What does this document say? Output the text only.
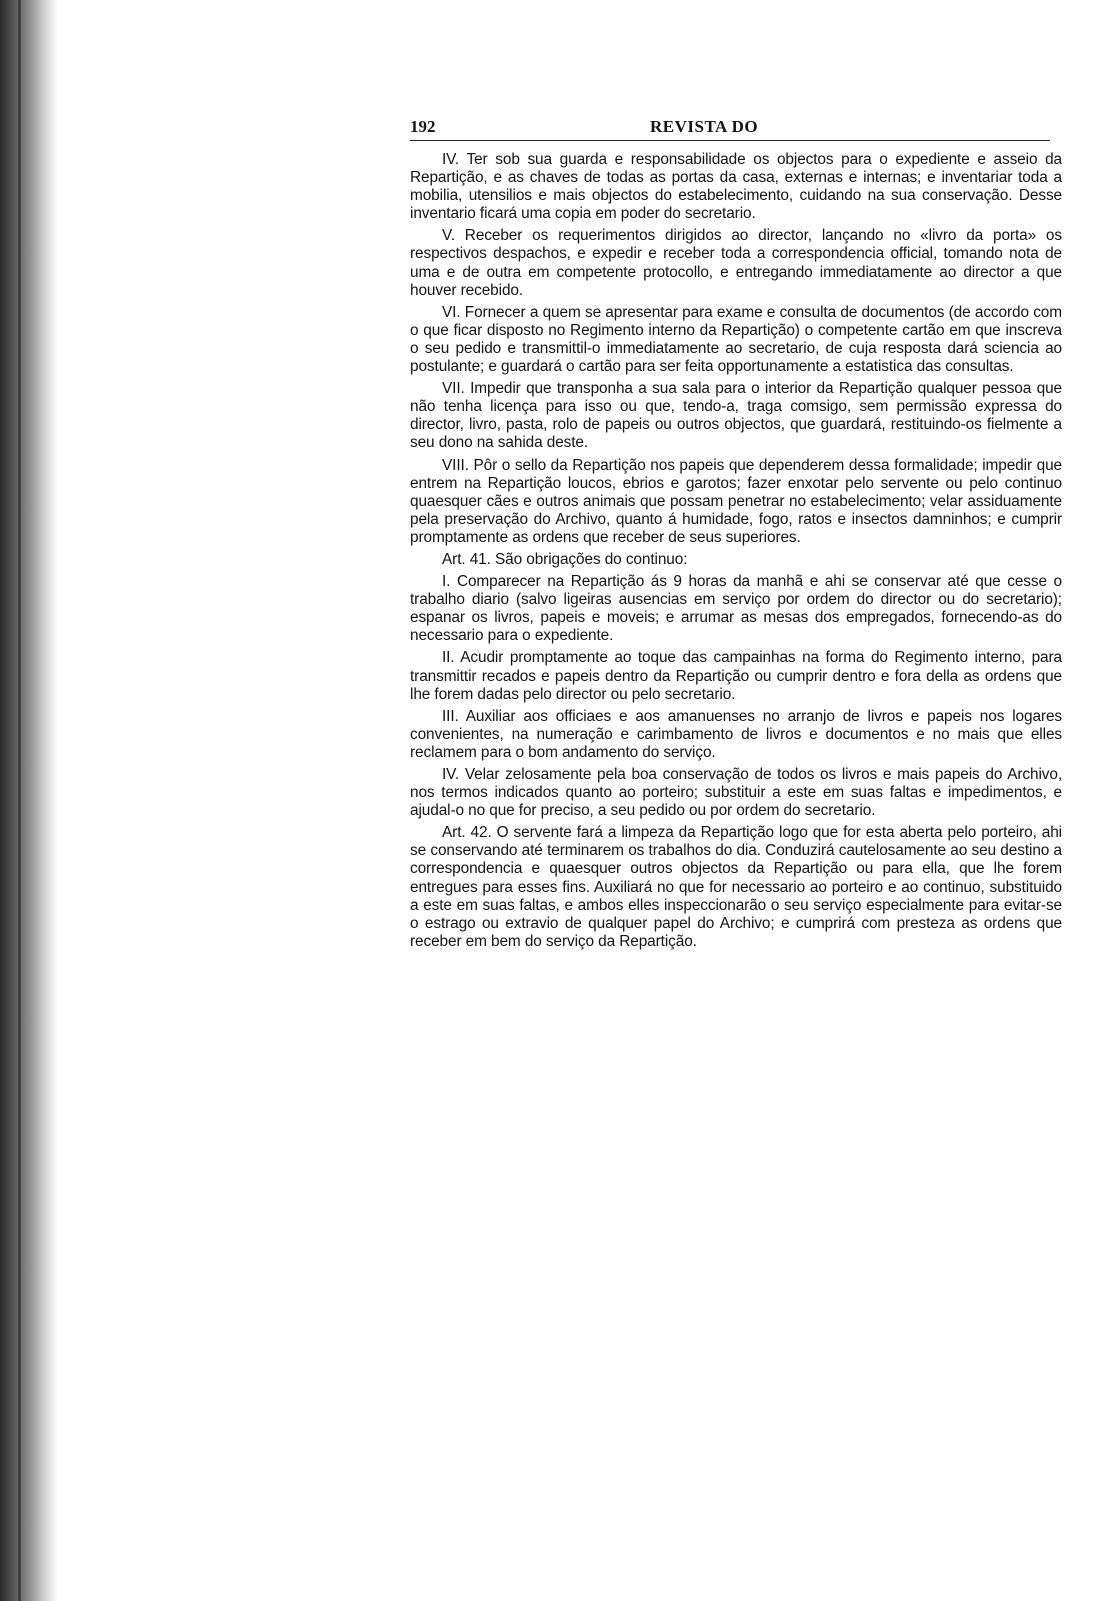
192	REVISTA DO

IV. Ter sob sua guarda e responsabilidade os objectos para o expediente e asseio da Repartição, e as chaves de todas as portas da casa, externas e internas; e inventariar toda a mobilia, utensilios e mais objectos do estabelecimento, cuidando na sua conservação. Desse inventario ficará uma copia em poder do secretario.

V. Receber os requerimentos dirigidos ao director, lançando no «livro da porta» os respectivos despachos, e expedir e receber toda a correspondencia official, tomando nota de uma e de outra em competente protocollo, e entregando immediatamente ao director a que houver recebido.

VI. Fornecer a quem se apresentar para exame e consulta de documentos (de accordo com o que ficar disposto no Regimento interno da Repartição) o competente cartão em que inscreva o seu pedido e transmittil-o immediatamente ao secretario, de cuja resposta dará sciencia ao postulante; e guardará o cartão para ser feita opportunamente a estatistica das consultas.

VII. Impedir que transponha a sua sala para o interior da Repartição qualquer pessoa que não tenha licença para isso ou que, tendo-a, traga comsigo, sem permissão expressa do director, livro, pasta, rolo de papeis ou outros objectos, que guardará, restituindo-os fielmente a seu dono na sahida deste.

VIII. Pôr o sello da Repartição nos papeis que dependerem dessa formalidade; impedir que entrem na Repartição loucos, ebrios e garotos; fazer enxotar pelo servente ou pelo continuo quaesquer cães e outros animais que possam penetrar no estabelecimento; velar assiduamente pela preservação do Archivo, quanto á humidade, fogo, ratos e insectos damninhos; e cumprir promptamente as ordens que receber de seus superiores.

Art. 41. São obrigações do continuo:

I. Comparecer na Repartição ás 9 horas da manhã e ahi se conservar até que cesse o trabalho diario (salvo ligeiras ausencias em serviço por ordem do director ou do secretario); espanar os livros, papeis e moveis; e arrumar as mesas dos empregados, fornecendo-as do necessario para o expediente.

II. Acudir promptamente ao toque das campainhas na forma do Regimento interno, para transmittir recados e papeis dentro da Repartição ou cumprir dentro e fora della as ordens que lhe forem dadas pelo director ou pelo secretario.

III. Auxiliar aos officiaes e aos amanuenses no arranjo de livros e papeis nos logares convenientes, na numeração e carimbamento de livros e documentos e no mais que elles reclamem para o bom andamento do serviço.

IV. Velar zelosamente pela boa conservação de todos os livros e mais papeis do Archivo, nos termos indicados quanto ao porteiro; substituir a este em suas faltas e impedimentos, e ajudal-o no que for preciso, a seu pedido ou por ordem do secretario.

Art. 42. O servente fará a limpeza da Repartição logo que for esta aberta pelo porteiro, ahi se conservando até terminarem os trabalhos do dia. Conduzirá cautelosamente ao seu destino a correspondencia e quaesquer outros objectos da Repartição ou para ella, que lhe forem entregues para esses fins. Auxiliará no que for necessario ao porteiro e ao continuo, substituido a este em suas faltas, e ambos elles inspeccionarão o seu serviço especialmente para evitar-se o estrago ou extravio de qualquer papel do Archivo; e cumprirá com presteza as ordens que receber em bem do serviço da Repartição.
